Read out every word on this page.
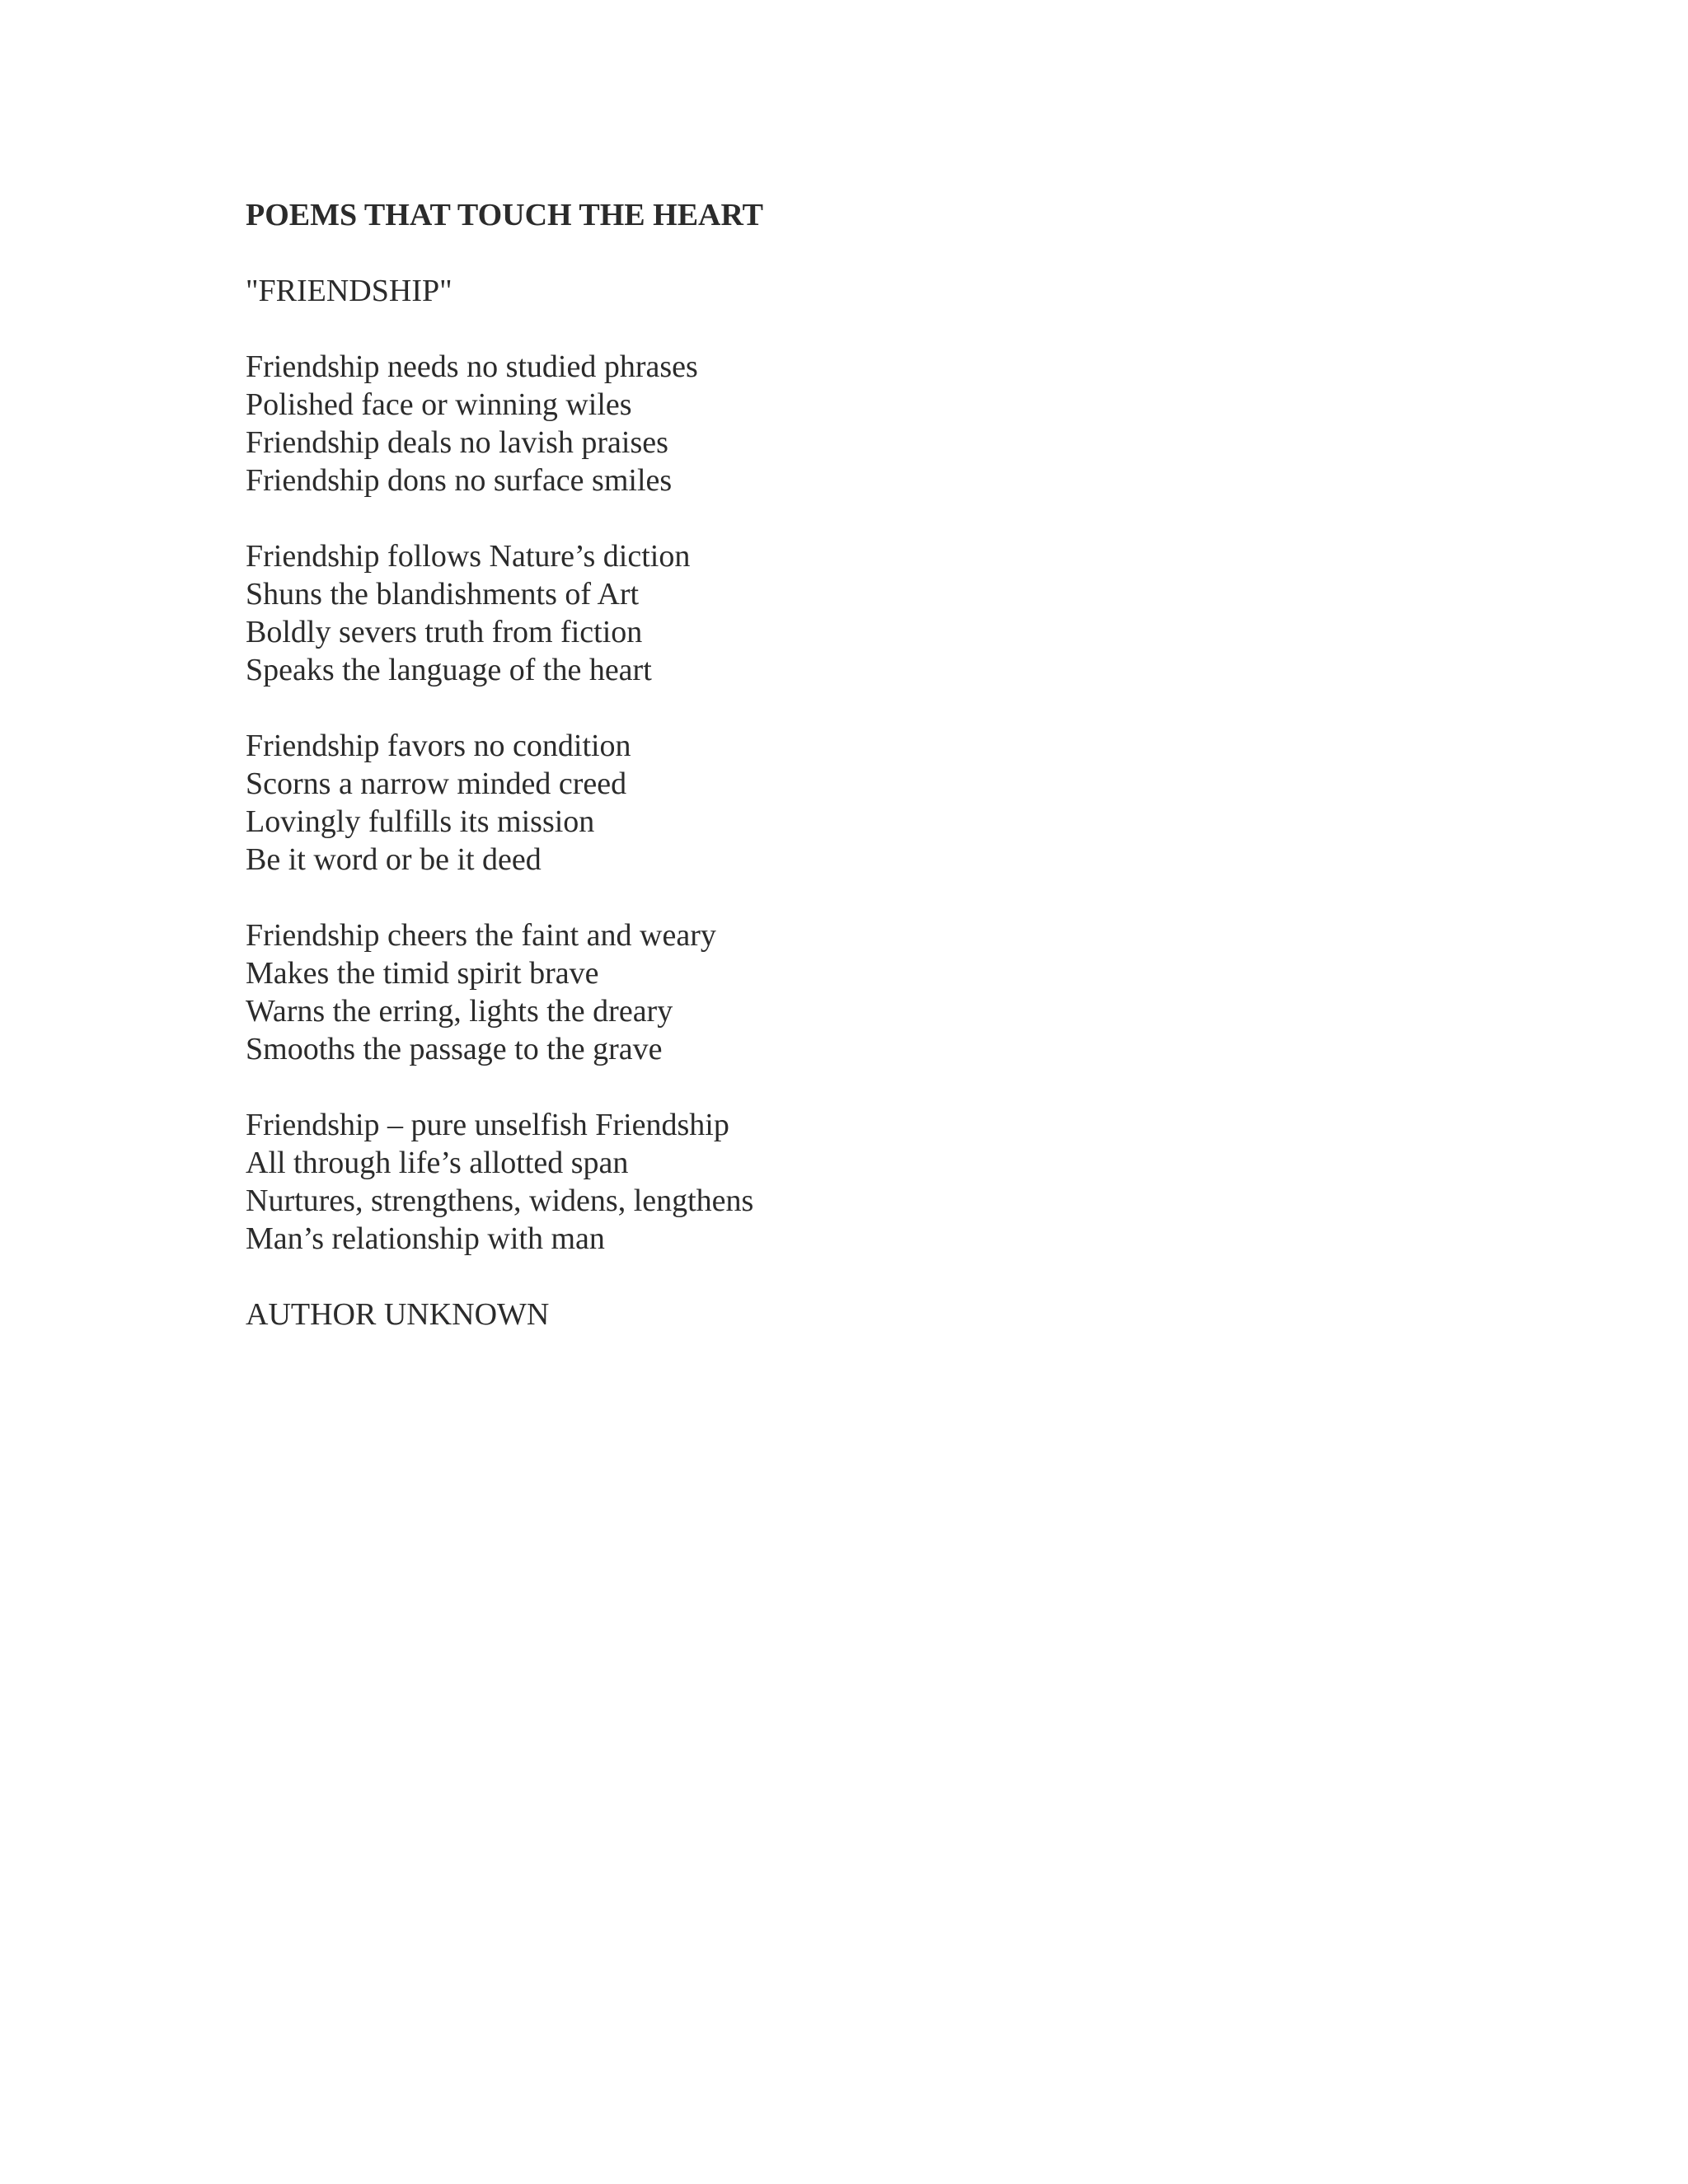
POEMS THAT TOUCH THE HEART

"FRIENDSHIP"

Friendship needs no studied phrases
Polished face or winning wiles
Friendship deals no lavish praises
Friendship dons no surface smiles
Friendship follows Nature’s diction
Shuns the blandishments of Art
Boldly severs truth from fiction
Speaks the language of the heart
Friendship favors no condition
Scorns a narrow minded creed
Lovingly fulfills its mission
Be it word or be it deed
Friendship cheers the faint and weary
Makes the timid spirit brave
Warns the erring, lights the dreary
Smooths the passage to the grave
Friendship – pure unselfish Friendship
All through life’s allotted span
Nurtures, strengthens, widens, lengthens
Man’s relationship with man

AUTHOR UNKNOWN
